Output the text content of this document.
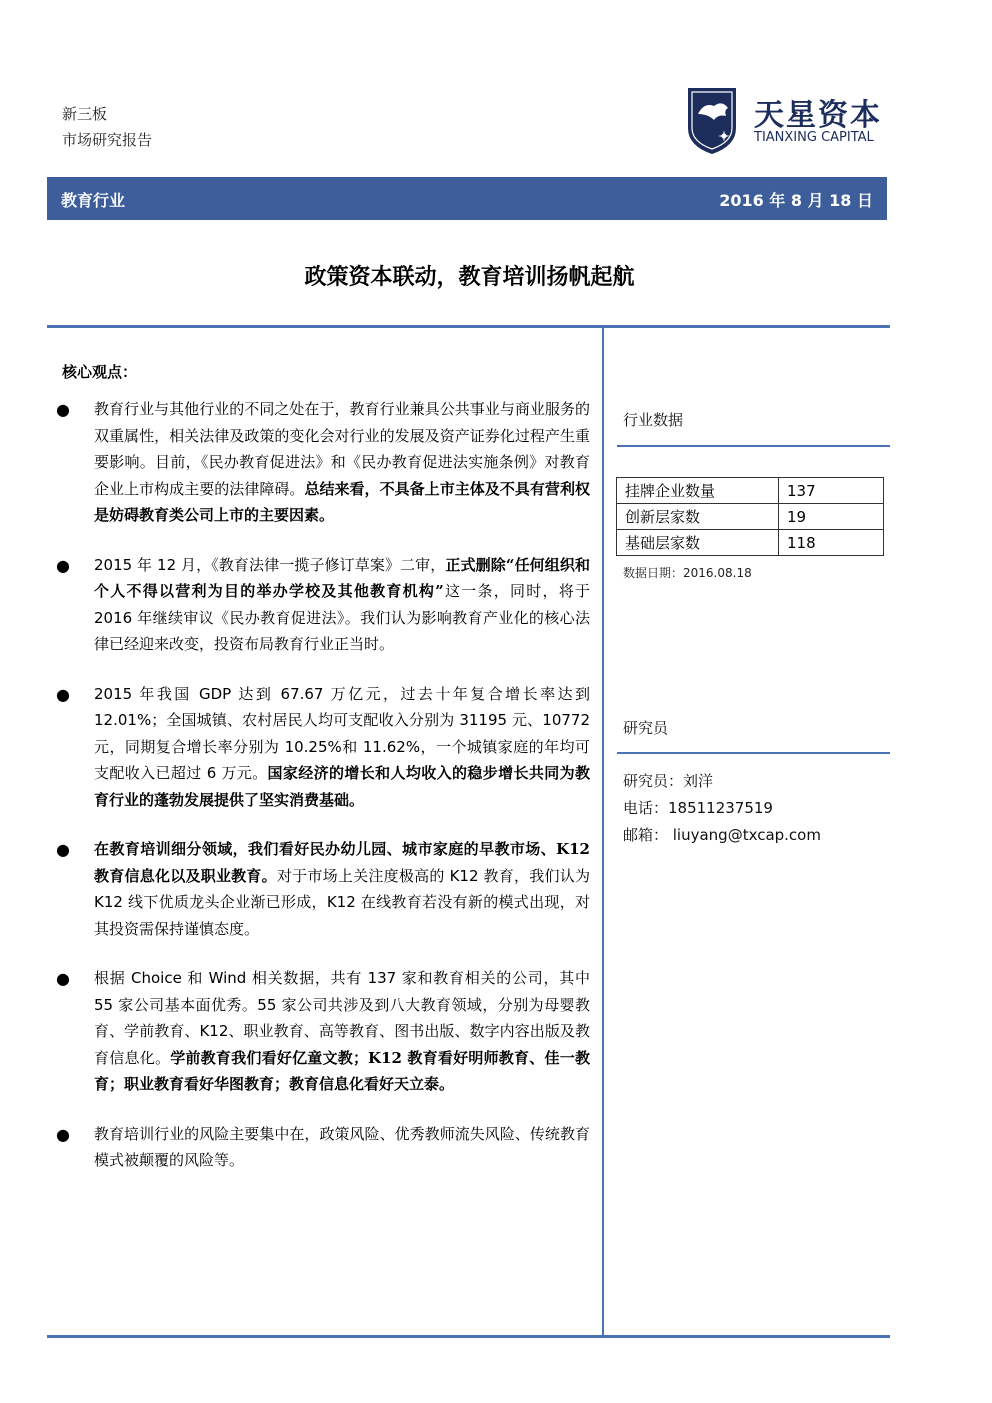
新三板
市场研究报告
天星资本
TIANXING CAPITAL
教育行业	2016 年 8 月 18 日
政策资本联动，教育培训扬帆起航
核心观点：
● 教育行业与其他行业的不同之处在于，教育行业兼具公共事业与商业服务的双重属性，相关法律及政策的变化会对行业的发展及资产证券化过程产生重要影响。目前，《民办教育促进法》和《民办教育促进法实施条例》对教育企业上市构成主要的法律障碍。总结来看，不具备上市主体及不具有营利权是妨碍教育类公司上市的主要因素。
● 2015 年 12 月，《教育法律一揽子修订草案》二审，正式删除“任何组织和个人不得以营利为目的举办学校及其他教育机构”这一条，同时，将于 2016 年继续审议《民办教育促进法》。我们认为影响教育产业化的核心法律已经迎来改变，投资布局教育行业正当时。
● 2015 年我国 GDP 达到 67.67 万亿元，过去十年复合增长率达到 12.01%；全国城镇、农村居民人均可支配收入分别为 31195 元、10772 元，同期复合增长率分别为 10.25%和 11.62%，一个城镇家庭的年均可支配收入已超过 6 万元。国家经济的增长和人均收入的稳步增长共同为教育行业的蓬勃发展提供了坚实消费基础。
● 在教育培训细分领域，我们看好民办幼儿园、城市家庭的早教市场、K12 教育信息化以及职业教育。对于市场上关注度极高的 K12 教育，我们认为 K12 线下优质龙头企业渐已形成，K12 在线教育若没有新的模式出现，对其投资需保持谨慎态度。
● 根据 Choice 和 Wind 相关数据，共有 137 家和教育相关的公司，其中 55 家公司基本面优秀。55 家公司共涉及到八大教育领域，分别为母婴教育、学前教育、K12、职业教育、高等教育、图书出版、数字内容出版及教育信息化。学前教育我们看好亿童文教；K12 教育看好明师教育、佳一教育；职业教育看好华图教育；教育信息化看好天立泰。
● 教育培训行业的风险主要集中在，政策风险、优秀教师流失风险、传统教育模式被颠覆的风险等。
行业数据
挂牌企业数量	137
创新层家数	19
基础层家数	118
数据日期：2016.08.18
研究员
研究员：刘洋
电话：18511237519
邮箱： liuyang@txcap.com
